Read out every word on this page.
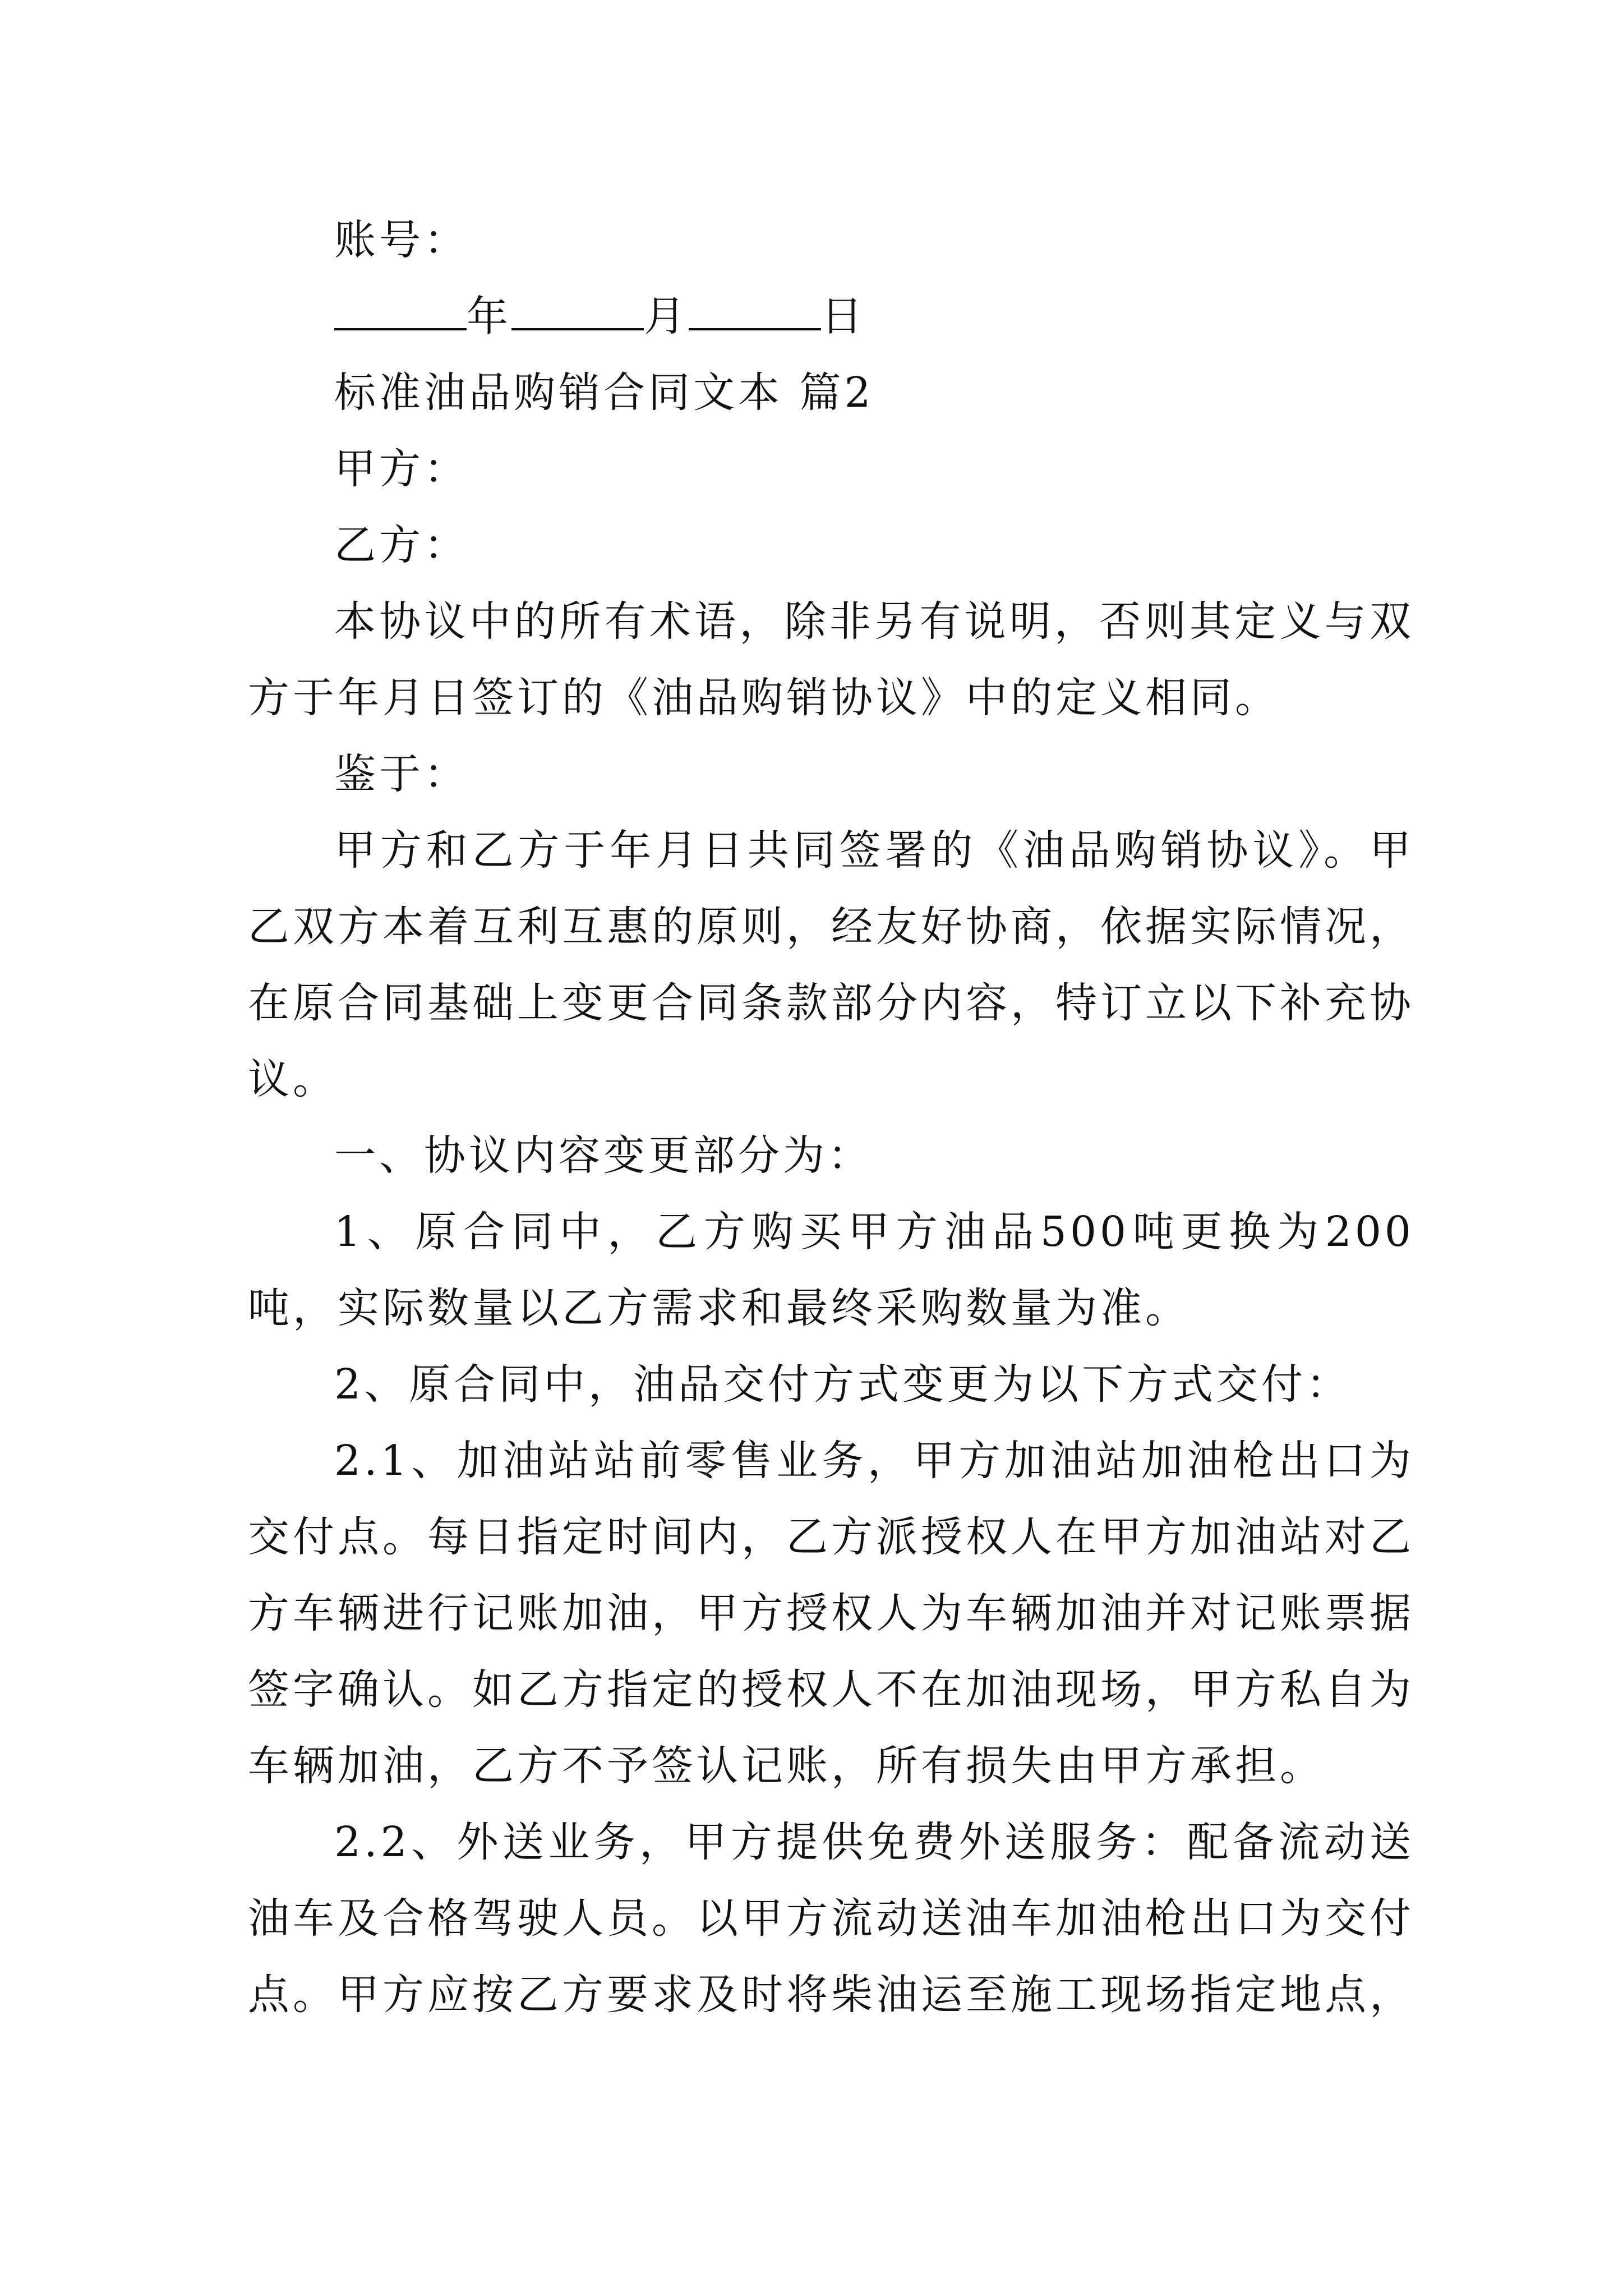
账号：

年	月	日

标准油品购销合同文本 篇2

甲方：

乙方：

本协议中的所有术语，除非另有说明，否则其定义与双方于年月日签订的《油品购销协议》中的定义相同。

鉴于：

甲方和乙方于年月日共同签署的《油品购销协议》。甲乙双方本着互利互惠的原则，经友好协商，依据实际情况，在原合同基础上变更合同条款部分内容，特订立以下补充协议。

一、协议内容变更部分为：

1、原合同中，乙方购买甲方油品500吨更换为200吨，实际数量以乙方需求和最终采购数量为准。

2、原合同中，油品交付方式变更为以下方式交付：

2.1、加油站站前零售业务，甲方加油站加油枪出口为交付点。每日指定时间内，乙方派授权人在甲方加油站对乙方车辆进行记账加油，甲方授权人为车辆加油并对记账票据签字确认。如乙方指定的授权人不在加油现场，甲方私自为车辆加油，乙方不予签认记账，所有损失由甲方承担。

2.2、外送业务，甲方提供免费外送服务：配备流动送油车及合格驾驶人员。以甲方流动送油车加油枪出口为交付点。甲方应按乙方要求及时将柴油运至施工现场指定地点，
